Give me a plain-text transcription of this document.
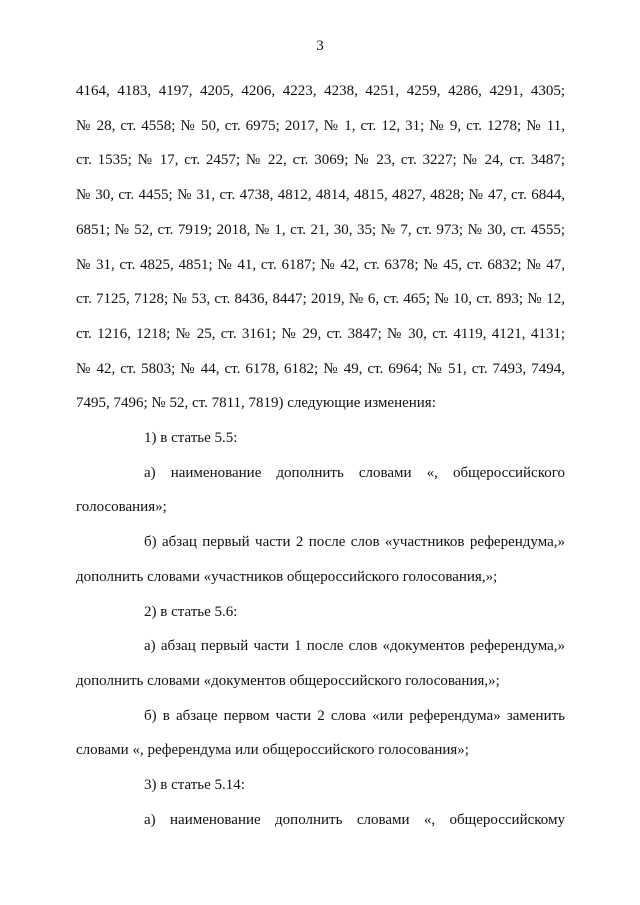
3
4164, 4183, 4197, 4205, 4206, 4223, 4238, 4251, 4259, 4286, 4291, 4305;
№ 28, ст. 4558; № 50, ст. 6975; 2017, № 1, ст. 12, 31; № 9, ст. 1278; № 11,
ст. 1535; № 17, ст. 2457; № 22, ст. 3069; № 23, ст. 3227; № 24, ст. 3487;
№ 30, ст. 4455; № 31, ст. 4738, 4812, 4814, 4815, 4827, 4828; № 47, ст. 6844,
6851; № 52, ст. 7919; 2018, № 1, ст. 21, 30, 35; № 7, ст. 973; № 30, ст. 4555;
№ 31, ст. 4825, 4851; № 41, ст. 6187; № 42, ст. 6378; № 45, ст. 6832; № 47,
ст. 7125, 7128; № 53, ст. 8436, 8447; 2019, № 6, ст. 465; № 10, ст. 893; № 12,
ст. 1216, 1218; № 25, ст. 3161; № 29, ст. 3847; № 30, ст. 4119, 4121, 4131;
№ 42, ст. 5803; № 44, ст. 6178, 6182; № 49, ст. 6964; № 51, ст. 7493, 7494,
7495, 7496; № 52, ст. 7811, 7819) следующие изменения:
1) в статье 5.5:
а) наименование дополнить словами «, общероссийского
голосования»;
б) абзац первый части 2 после слов «участников референдума,»
дополнить словами «участников общероссийского голосования,»;
2) в статье 5.6:
а) абзац первый части 1 после слов «документов референдума,»
дополнить словами «документов общероссийского голосования,»;
б) в абзаце первом части 2 слова «или референдума» заменить
словами «, референдума или общероссийского голосования»;
3) в статье 5.14:
а) наименование дополнить словами «, общероссийскому
